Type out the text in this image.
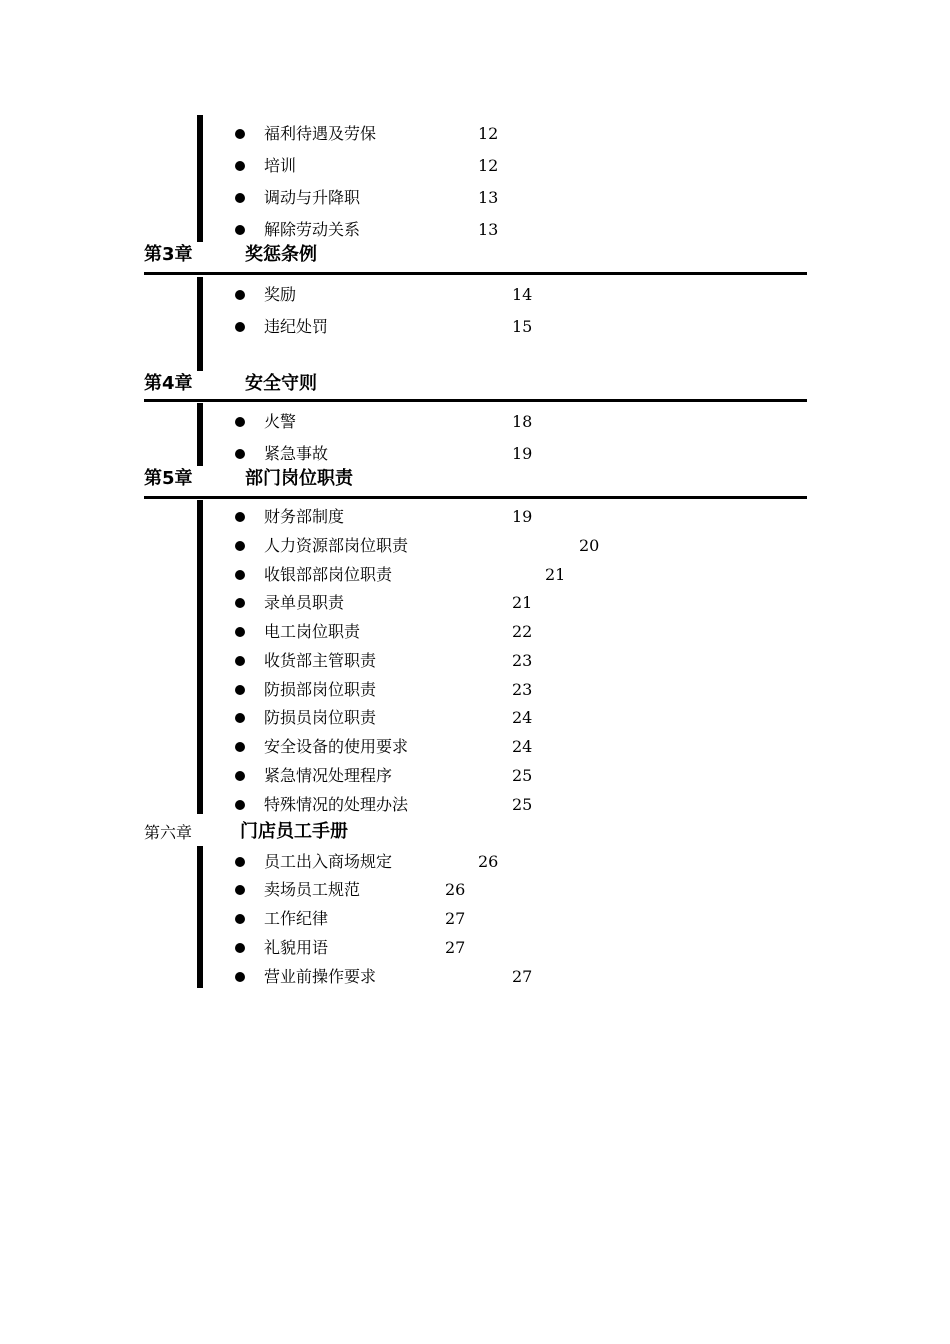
福利待遇及劳保	12
培训	12
调动与升降职	13
解除劳动关系	13
第3章	奖惩条例
奖励	14
违纪处罚	15
第4章	安全守则
火警	18
紧急事故	19
第5章	部门岗位职责
财务部制度	19
人力资源部岗位职责	20
收银部部岗位职责	21
录单员职责	21
电工岗位职责	22
收货部主管职责	23
防损部岗位职责	23
防损员岗位职责	24
安全设备的使用要求	24
紧急情况处理程序	25
特殊情况的处理办法	25
第六章	门店员工手册
员工出入商场规定	26
卖场员工规范	26
工作纪律	27
礼貌用语	27
营业前操作要求	27
